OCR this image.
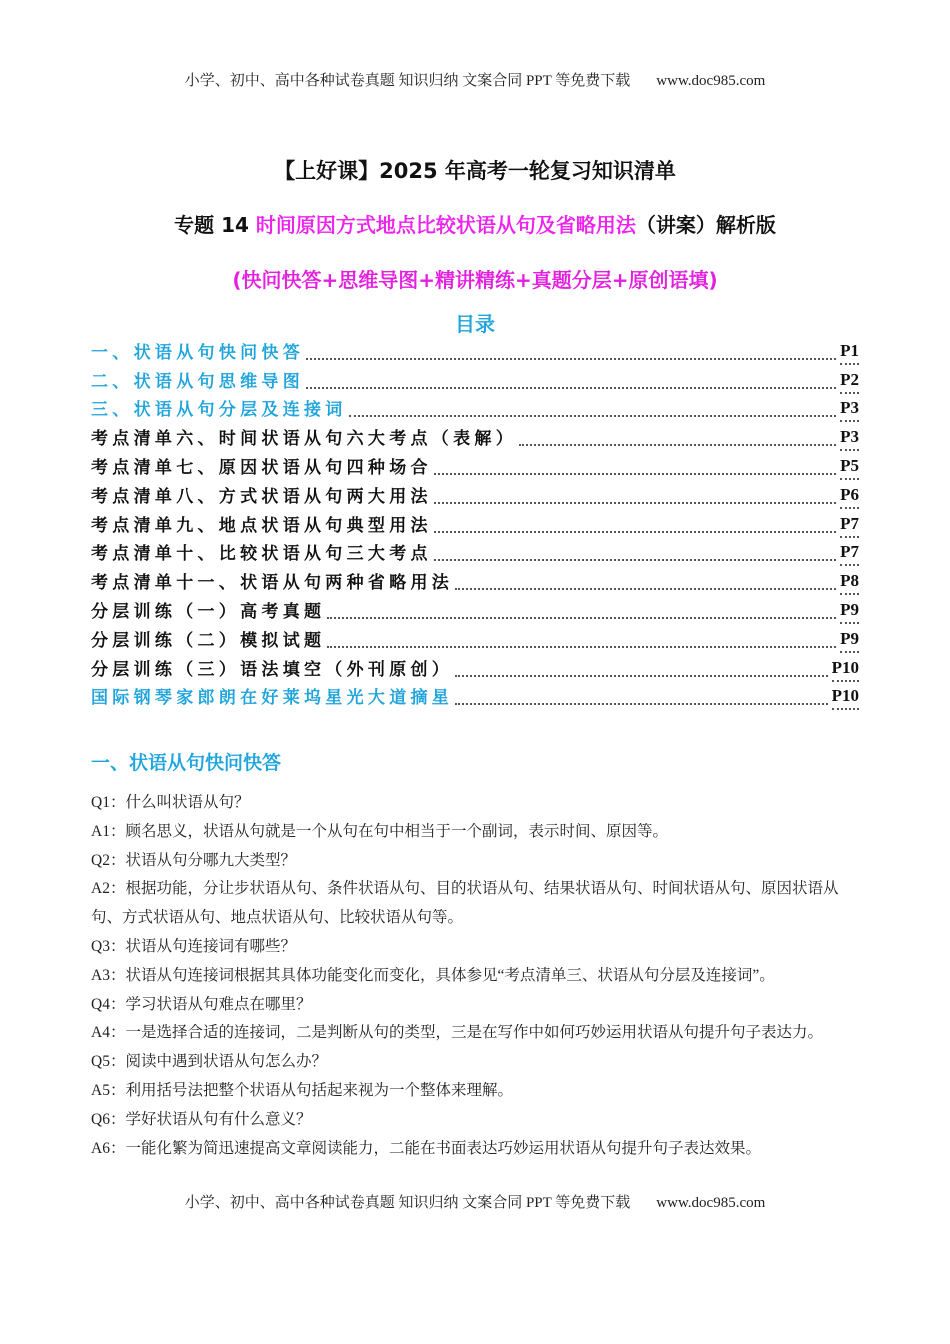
小学、初中、高中各种试卷真题 知识归纳 文案合同 PPT 等免费下载 www.doc985.com
【上好课】2025 年高考一轮复习知识清单
专题 14 时间原因方式地点比较状语从句及省略用法（讲案）解析版
(快问快答+思维导图+精讲精练+真题分层+原创语填)
目录
一、状语从句快问快答	P1
二、状语从句思维导图	P2
三、状语从句分层及连接词	P3
考点清单六、时间状语从句六大考点（表解）	P3
考点清单七、原因状语从句四种场合	P5
考点清单八、方式状语从句两大用法	P6
考点清单九、地点状语从句典型用法	P7
考点清单十、比较状语从句三大考点	P7
考点清单十一、状语从句两种省略用法	P8
分层训练（一）高考真题	P9
分层训练（二）模拟试题	P9
分层训练（三）语法填空（外刊原创）	P10
国际钢琴家郎朗在好莱坞星光大道摘星	P10
一、状语从句快问快答
Q1：什么叫状语从句？
A1：顾名思义，状语从句就是一个从句在句中相当于一个副词，表示时间、原因等。
Q2：状语从句分哪九大类型？
A2：根据功能，分让步状语从句、条件状语从句、目的状语从句、结果状语从句、时间状语从句、原因状语从句、方式状语从句、地点状语从句、比较状语从句等。
Q3：状语从句连接词有哪些？
A3：状语从句连接词根据其具体功能变化而变化，具体参见“考点清单三、状语从句分层及连接词”。
Q4：学习状语从句难点在哪里？
A4：一是选择合适的连接词，二是判断从句的类型，三是在写作中如何巧妙运用状语从句提升句子表达力。
Q5：阅读中遇到状语从句怎么办？
A5：利用括号法把整个状语从句括起来视为一个整体来理解。
Q6：学好状语从句有什么意义？
A6：一能化繁为简迅速提高文章阅读能力，二能在书面表达巧妙运用状语从句提升句子表达效果。
小学、初中、高中各种试卷真题 知识归纳 文案合同 PPT 等免费下载 www.doc985.com
